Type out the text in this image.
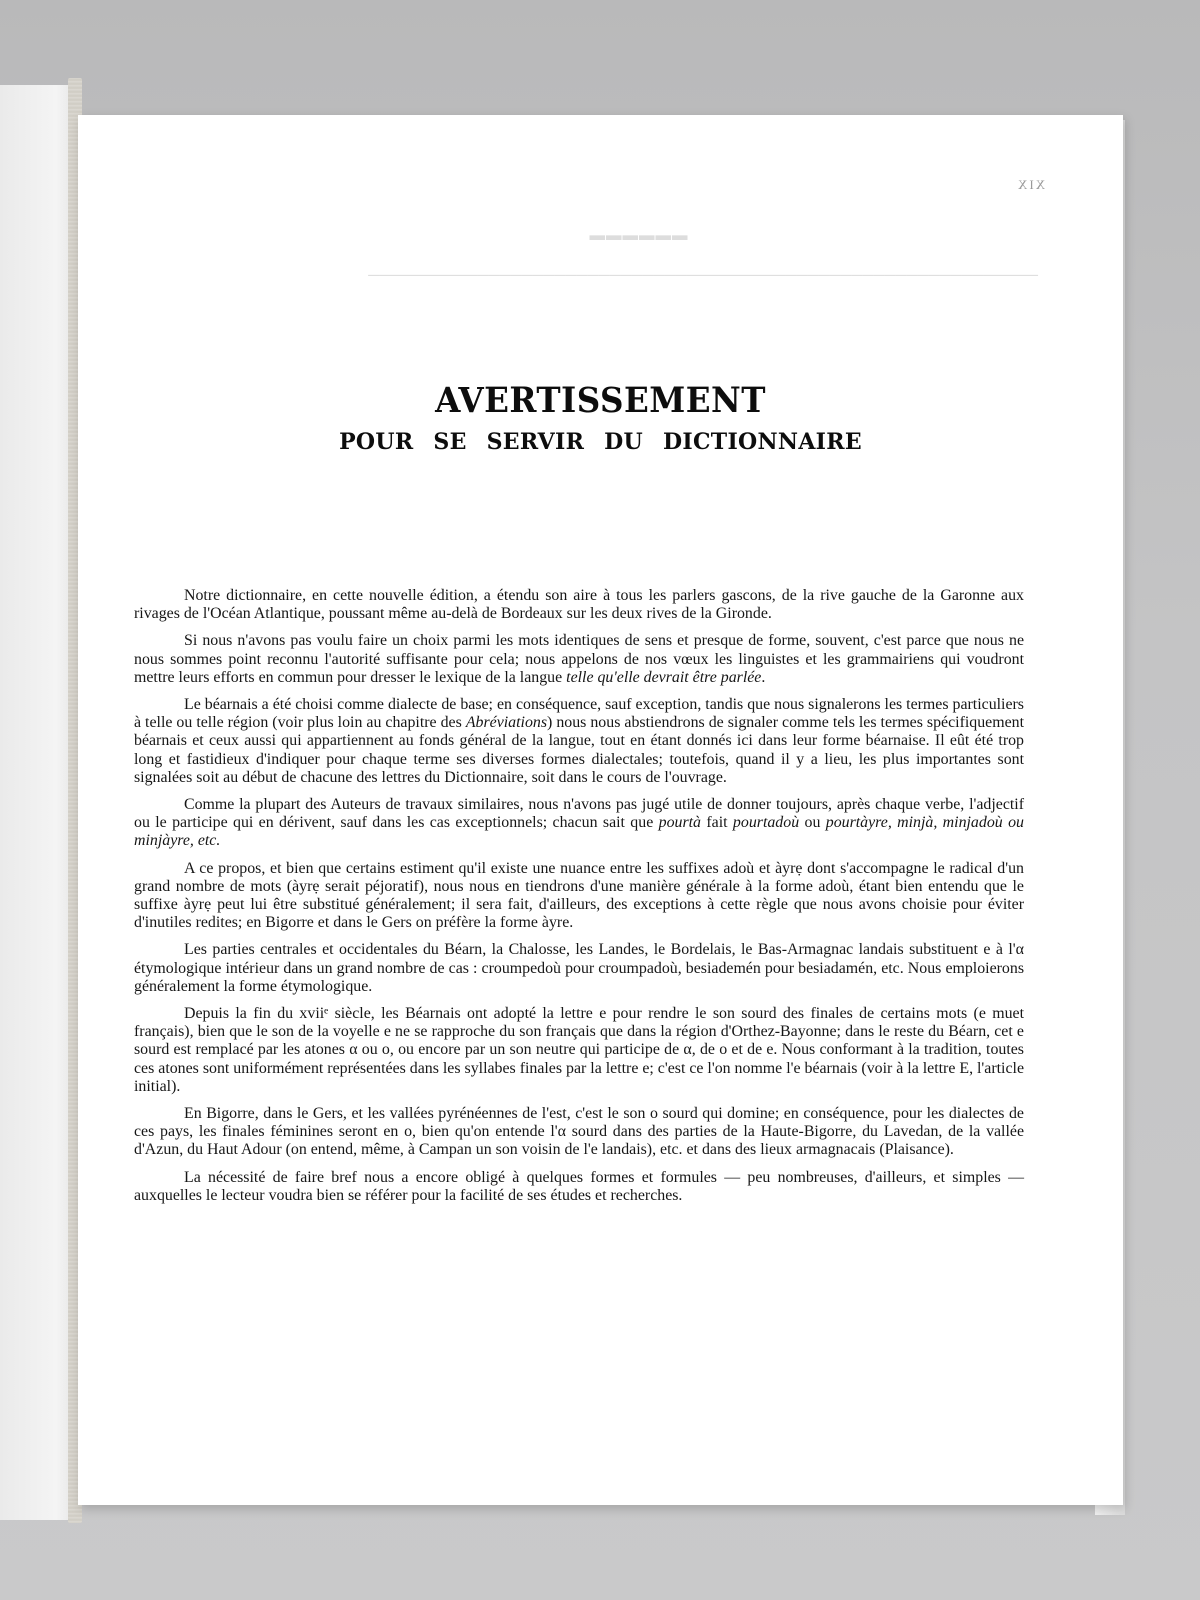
XIX
▬▬▬▬▬▬

─────────────────────────────────────────────────────────────

AVERTISSEMENT
POUR SE SERVIR DU DICTIONNAIRE

Notre dictionnaire, en cette nouvelle édition, a étendu son aire à tous les parlers gascons, de la rive gauche de la Garonne aux rivages de l'Océan Atlantique, poussant même au-delà de Bordeaux sur les deux rives de la Gironde.

Si nous n'avons pas voulu faire un choix parmi les mots identiques de sens et presque de forme, souvent, c'est parce que nous ne nous sommes point reconnu l'autorité suffisante pour cela; nous appelons de nos vœux les linguistes et les grammairiens qui voudront mettre leurs efforts en commun pour dresser le lexique de la langue telle qu'elle devrait être parlée.

Le béarnais a été choisi comme dialecte de base; en conséquence, sauf exception, tandis que nous signalerons les termes particuliers à telle ou telle région (voir plus loin au chapitre des Abréviations) nous nous abstiendrons de signaler comme tels les termes spécifiquement béarnais et ceux aussi qui appartiennent au fonds général de la langue, tout en étant donnés ici dans leur forme béarnaise. Il eût été trop long et fastidieux d'indiquer pour chaque terme ses diverses formes dialectales; toutefois, quand il y a lieu, les plus importantes sont signalées soit au début de chacune des lettres du Dictionnaire, soit dans le cours de l'ouvrage.

Comme la plupart des Auteurs de travaux similaires, nous n'avons pas jugé utile de donner toujours, après chaque verbe, l'adjectif ou le participe qui en dérivent, sauf dans les cas exceptionnels; chacun sait que pourtà fait pourtadoù ou pourtàyre, minjà, minjadoù ou minjàyre, etc.

A ce propos, et bien que certains estiment qu'il existe une nuance entre les suffixes adoù et àyrẹ dont s'accompagne le radical d'un grand nombre de mots (àyrẹ serait péjoratif), nous nous en tiendrons d'une manière générale à la forme adoù, étant bien entendu que le suffixe àyrẹ peut lui être substitué généralement; il sera fait, d'ailleurs, des exceptions à cette règle que nous avons choisie pour éviter d'inutiles redites; en Bigorre et dans le Gers on préfère la forme àyre.

Les parties centrales et occidentales du Béarn, la Chalosse, les Landes, le Bordelais, le Bas-Armagnac landais substituent e à l'α étymologique intérieur dans un grand nombre de cas : croumpedoù pour croumpadoù, besiademén pour besiadamén, etc. Nous emploierons généralement la forme étymologique.

Depuis la fin du xviiᵉ siècle, les Béarnais ont adopté la lettre e pour rendre le son sourd des finales de certains mots (e muet français), bien que le son de la voyelle e ne se rapproche du son français que dans la région d'Orthez-Bayonne; dans le reste du Béarn, cet e sourd est remplacé par les atones α ou o, ou encore par un son neutre qui participe de α, de o et de e. Nous conformant à la tradition, toutes ces atones sont uniformément représentées dans les syllabes finales par la lettre e; c'est ce l'on nomme l'e béarnais (voir à la lettre E, l'article initial).

En Bigorre, dans le Gers, et les vallées pyrénéennes de l'est, c'est le son o sourd qui domine; en conséquence, pour les dialectes de ces pays, les finales féminines seront en o, bien qu'on entende l'α sourd dans des parties de la Haute-Bigorre, du Lavedan, de la vallée d'Azun, du Haut Adour (on entend, même, à Campan un son voisin de l'e landais), etc. et dans des lieux armagnacais (Plaisance).

La nécessité de faire bref nous a encore obligé à quelques formes et formules — peu nombreuses, d'ailleurs, et simples — auxquelles le lecteur voudra bien se référer pour la facilité de ses études et recherches.
